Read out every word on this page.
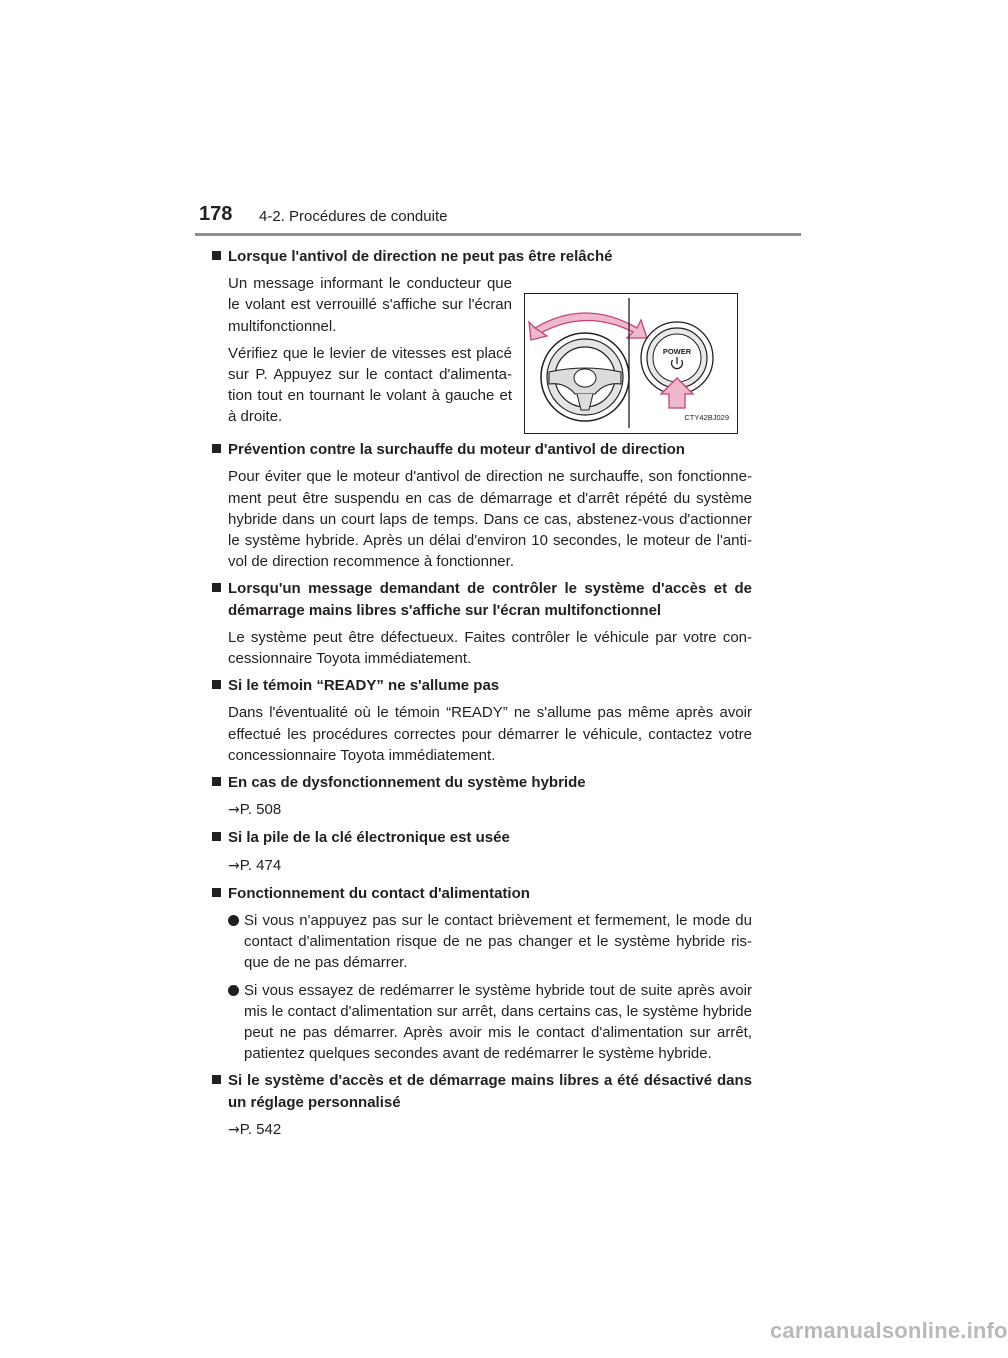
178 4-2. Procédures de conduite
Lorsque l'antivol de direction ne peut pas être relâché
Un message informant le conducteur que le volant est verrouillé s'affiche sur l'écran multifonctionnel.
Vérifiez que le levier de vitesses est placé sur P. Appuyez sur le contact d'alimenta-tion tout en tournant le volant à gauche et à droite.
POWER
CTY42BJ029
Prévention contre la surchauffe du moteur d'antivol de direction
Pour éviter que le moteur d'antivol de direction ne surchauffe, son fonctionne-ment peut être suspendu en cas de démarrage et d'arrêt répété du système hybride dans un court laps de temps. Dans ce cas, abstenez-vous d'actionner le système hybride. Après un délai d'environ 10 secondes, le moteur de l'anti-vol de direction recommence à fonctionner.
Lorsqu'un message demandant de contrôler le système d'accès et de démarrage mains libres s'affiche sur l'écran multifonctionnel
Le système peut être défectueux. Faites contrôler le véhicule par votre con-cessionnaire Toyota immédiatement.
Si le témoin “READY” ne s'allume pas
Dans l'éventualité où le témoin “READY” ne s'allume pas même après avoir effectué les procédures correctes pour démarrer le véhicule, contactez votre concessionnaire Toyota immédiatement.
En cas de dysfonctionnement du système hybride
→P. 508
Si la pile de la clé électronique est usée
→P. 474
Fonctionnement du contact d'alimentation
Si vous n'appuyez pas sur le contact brièvement et fermement, le mode du contact d'alimentation risque de ne pas changer et le système hybride ris-que de ne pas démarrer.
Si vous essayez de redémarrer le système hybride tout de suite après avoir mis le contact d'alimentation sur arrêt, dans certains cas, le système hybride peut ne pas démarrer. Après avoir mis le contact d'alimentation sur arrêt, patientez quelques secondes avant de redémarrer le système hybride.
Si le système d'accès et de démarrage mains libres a été désactivé dans un réglage personnalisé
→P. 542
carmanualsonline.info
